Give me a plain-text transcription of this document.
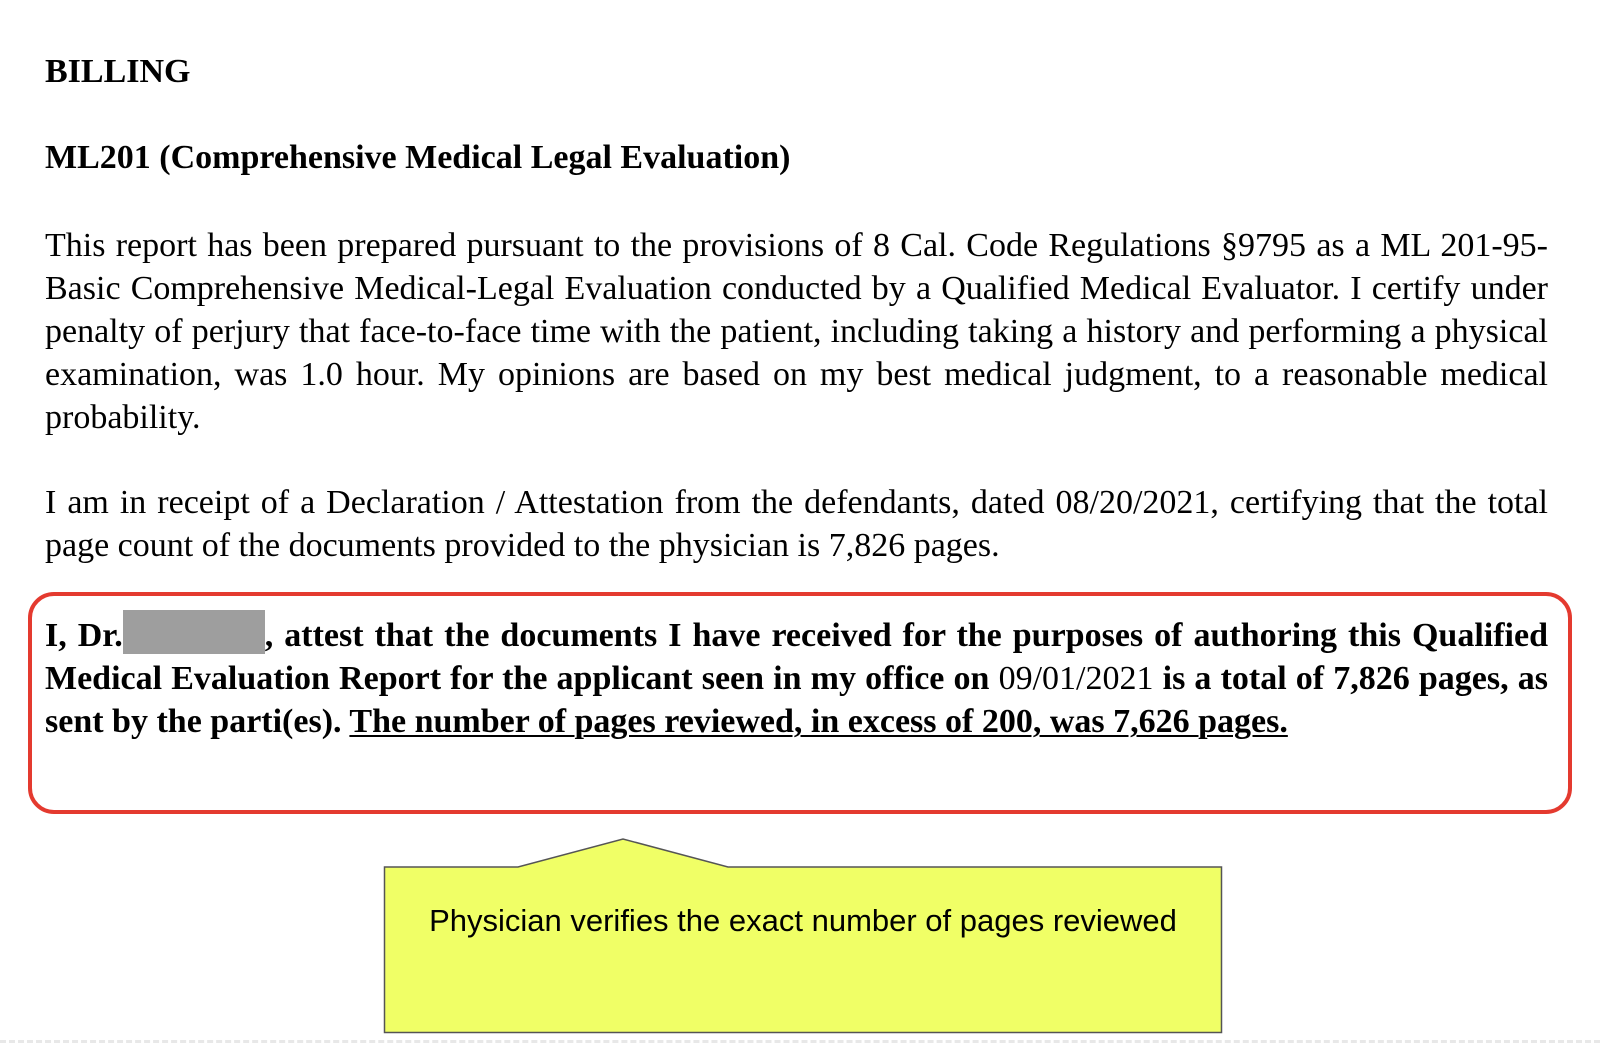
BILLING
ML201 (Comprehensive Medical Legal Evaluation)

This report has been prepared pursuant to the provisions of 8 Cal. Code Regulations §9795 as a ML 201-95-Basic Comprehensive Medical-Legal Evaluation conducted by a Qualified Medical Evaluator. I certify under penalty of perjury that face-to-face time with the patient, including taking a history and performing a physical examination, was 1.0 hour. My opinions are based on my best medical judgment, to a reasonable medical probability.

I am in receipt of a Declaration / Attestation from the defendants, dated 08/20/2021, certifying that the total page count of the documents provided to the physician is 7,826 pages.

I, Dr.	, attest that the documents I have received for the purposes of authoring this Qualified Medical Evaluation Report for the applicant seen in my office on 09/01/2021 is a total of 7,826 pages, as sent by the parti(es). The number of pages reviewed, in excess of 200, was 7,626 pages.

Physician verifies the exact number of pages reviewed
